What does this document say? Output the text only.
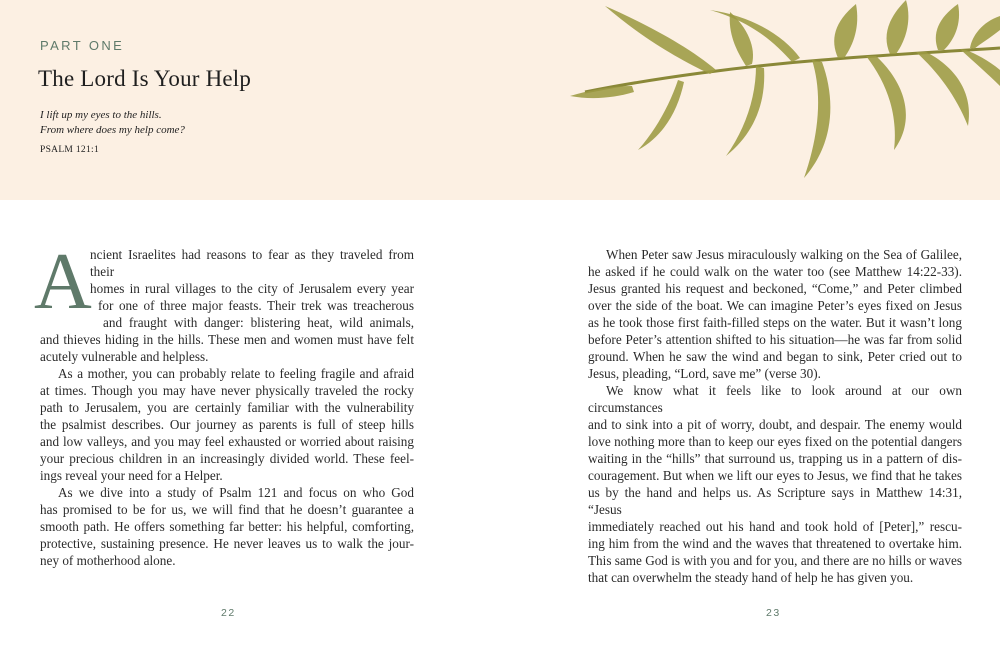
PART ONE
The Lord Is Your Help
I lift up my eyes to the hills.
From where does my help come?
PSALM 121:1
A
ncient Israelites had reasons to fear as they traveled from their
homes in rural villages to the city of Jerusalem every year
for one of three major feasts. Their trek was treacherous
and fraught with danger: blistering heat, wild animals,
and thieves hiding in the hills. These men and women must have felt
acutely vulnerable and helpless.
As a mother, you can probably relate to feeling fragile and afraid
at times. Though you may have never physically traveled the rocky
path to Jerusalem, you are certainly familiar with the vulnerability
the psalmist describes. Our journey as parents is full of steep hills
and low valleys, and you may feel exhausted or worried about raising
your precious children in an increasingly divided world. These feel-
ings reveal your need for a Helper.
As we dive into a study of Psalm 121 and focus on who God
has promised to be for us, we will find that he doesn’t guarantee a
smooth path. He offers something far better: his helpful, comforting,
protective, sustaining presence. He never leaves us to walk the jour-
ney of motherhood alone.
When Peter saw Jesus miraculously walking on the Sea of Galilee,
he asked if he could walk on the water too (see Matthew 14:22-33).
Jesus granted his request and beckoned, “Come,” and Peter climbed
over the side of the boat. We can imagine Peter’s eyes fixed on Jesus
as he took those first faith-filled steps on the water. But it wasn’t long
before Peter’s attention shifted to his situation—he was far from solid
ground. When he saw the wind and began to sink, Peter cried out to
Jesus, pleading, “Lord, save me” (verse 30).
We know what it feels like to look around at our own circumstances
and to sink into a pit of worry, doubt, and despair. The enemy would
love nothing more than to keep our eyes fixed on the potential dangers
waiting in the “hills” that surround us, trapping us in a pattern of dis-
couragement. But when we lift our eyes to Jesus, we find that he takes
us by the hand and helps us. As Scripture says in Matthew 14:31, “Jesus
immediately reached out his hand and took hold of [Peter],” rescu-
ing him from the wind and the waves that threatened to overtake him.
This same God is with you and for you, and there are no hills or waves
that can overwhelm the steady hand of help he has given you.
22	23
